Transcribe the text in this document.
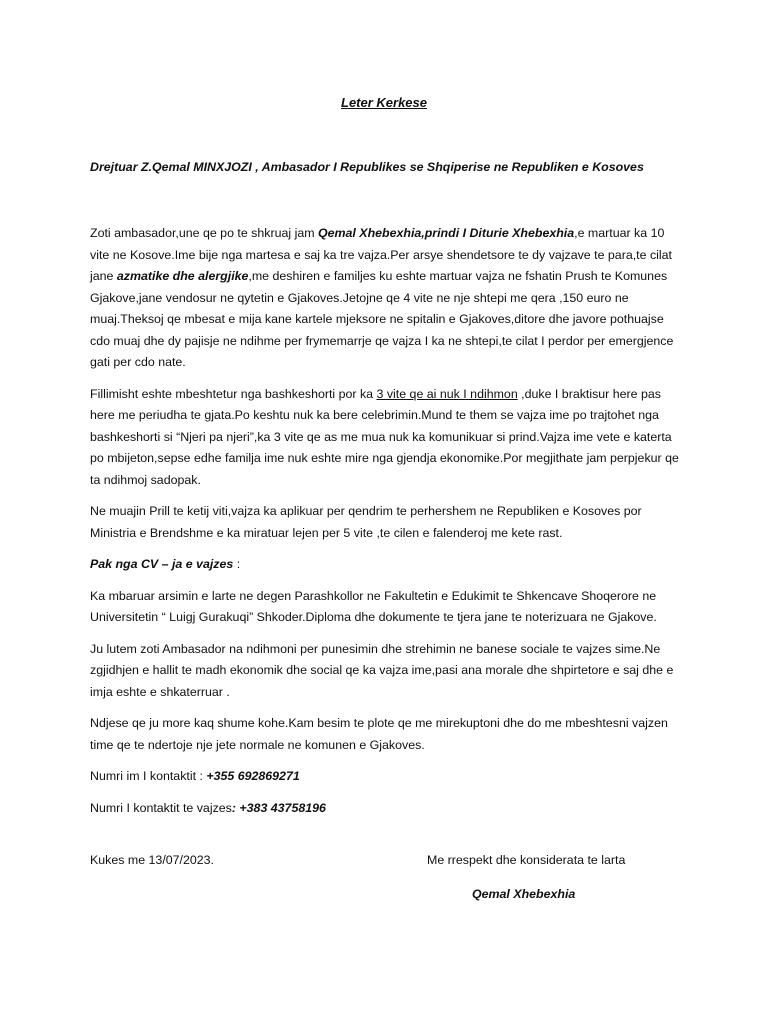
Leter Kerkese
Drejtuar Z.Qemal MINXJOZI , Ambasador I Republikes se Shqiperise ne Republiken e Kosoves

Zoti ambasador,une qe po te shkruaj jam Qemal Xhebexhia,prindi I Diturie Xhebexhia,e martuar ka 10 vite ne Kosove.Ime bije nga martesa e saj ka tre vajza.Per arsye shendetsore te dy vajzave te para,te cilat jane azmatike dhe alergjike,me deshiren e familjes ku eshte martuar vajza ne fshatin Prush te Komunes Gjakove,jane vendosur ne qytetin e Gjakoves.Jetojne qe 4 vite ne nje shtepi me qera ,150 euro ne muaj.Theksoj qe mbesat e mija kane kartele mjeksore ne spitalin e Gjakoves,ditore dhe javore pothuajse cdo muaj dhe dy pajisje ne ndihme per frymemarrje qe vajza I ka ne shtepi,te cilat I perdor per emergjence gati per cdo nate.

Fillimisht eshte mbeshtetur nga bashkeshorti por ka 3 vite qe ai nuk I ndihmon ,duke I braktisur here pas here me periudha te gjata.Po keshtu nuk ka bere celebrimin.Mund te them se vajza ime po trajtohet nga bashkeshorti si “Njeri pa njeri”,ka 3 vite qe as me mua nuk ka komunikuar si prind.Vajza ime vete e katerta po mbijeton,sepse edhe familja ime nuk eshte mire nga gjendja ekonomike.Por megjithate jam perpjekur qe ta ndihmoj sadopak.

Ne muajin Prill te ketij viti,vajza ka aplikuar per qendrim te perhershem ne Republiken e Kosoves por Ministria e Brendshme e ka miratuar lejen per 5 vite ,te cilen e falenderoj me kete rast.

Pak nga CV – ja e vajzes :

Ka mbaruar arsimin e larte ne degen Parashkollor ne Fakultetin e Edukimit te Shkencave Shoqerore ne Universitetin “ Luigj Gurakuqi” Shkoder.Diploma dhe dokumente te tjera jane te noterizuara ne Gjakove.

Ju lutem zoti Ambasador na ndihmoni per punesimin dhe strehimin ne banese sociale te vajzes sime.Ne zgjidhjen e hallit te madh ekonomik dhe social qe ka vajza ime,pasi ana morale dhe shpirtetore e saj dhe e imja eshte e shkaterruar .

Ndjese qe ju more kaq shume kohe.Kam besim te plote qe me mirekuptoni dhe do me mbeshtesni vajzen time qe te ndertoje nje jete normale ne komunen e Gjakoves.

Numri im I kontaktit : +355 692869271

Numri I kontaktit te vajzes: +383 43758196

Kukes me 13/07/2023.	Me rrespekt dhe konsiderata te larta
Qemal Xhebexhia
